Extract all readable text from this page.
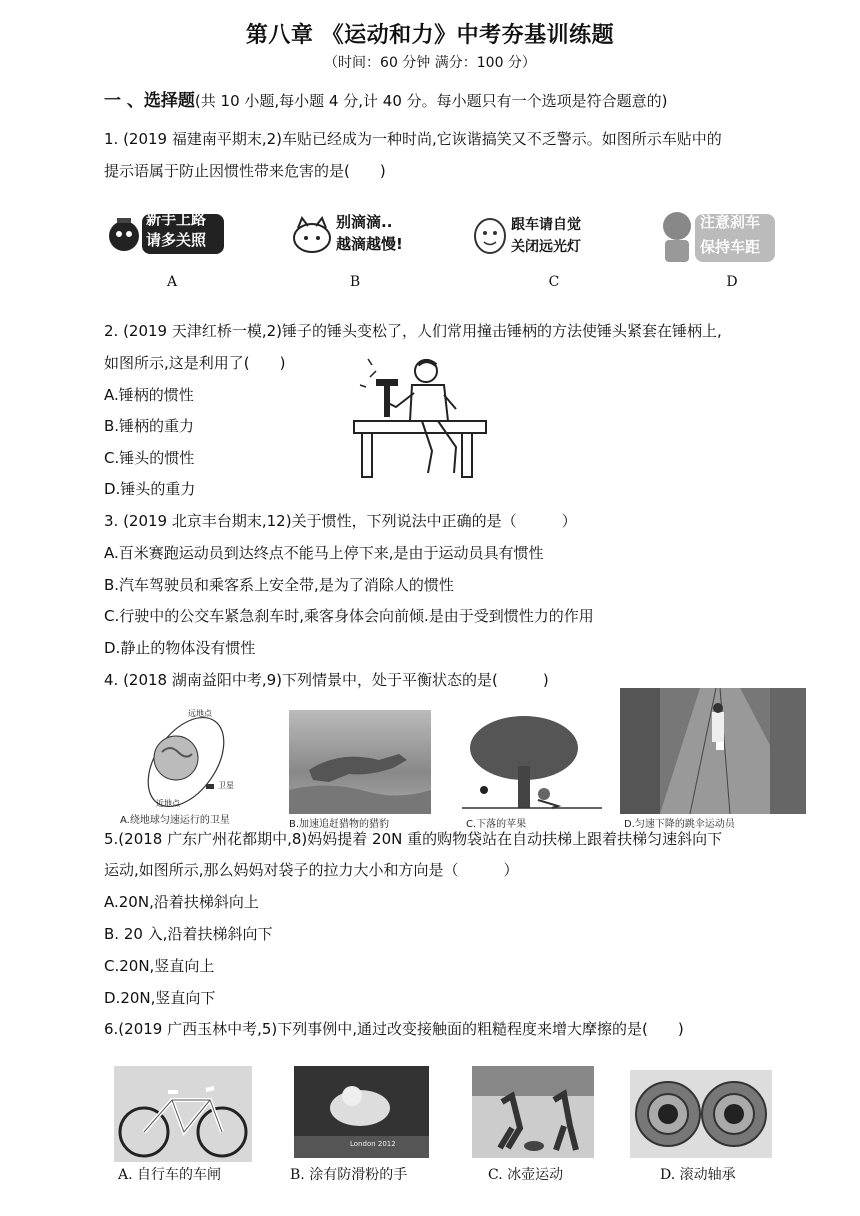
第八章 《运动和力》中考夯基训练题
（时间：60 分钟 满分：100 分）
一 、选择题(共 10 小题,每小题 4 分,计 40 分。每小题只有一个选项是符合题意的)
1. (2019 福建南平期末,2)车贴已经成为一种时尚,它诙谐搞笑又不乏警示。如图所示车贴中的
提示语属于防止因惯性带来危害的是(　　)
新手上路
请多关照
A
别滴滴..
越滴越慢!
B
跟车请自觉
关闭远光灯
C
注意刹车
保持车距
D
2. (2019 天津红桥一模,2)锤子的锤头变松了，人们常用撞击锤柄的方法使锤头紧套在锤柄上,
如图所示,这是利用了(　　)
A.锤柄的惯性
B.锤柄的重力
C.锤头的惯性
D.锤头的重力
3. (2019 北京丰台期末,12)关于惯性，下列说法中正确的是（　　　）
A.百米赛跑运动员到达终点不能马上停下来,是由于运动员具有惯性
B.汽车驾驶员和乘客系上安全带,是为了消除人的惯性
C.行驶中的公交车紧急刹车时,乘客身体会向前倾.是由于受到惯性力的作用
D.静止的物体没有惯性
4. (2018 湖南益阳中考,9)下列情景中，处于平衡状态的是(　　　)
远地点
卫星
近地点
A.绕地球匀速运行的卫星	B.加速追赶猎物的猎豹	C.下落的苹果	D.匀速下降的跳伞运动员
5.(2018 广东广州花都期中,8)妈妈提着 20N 重的购物袋站在自动扶梯上跟着扶梯匀速斜向下
运动,如图所示,那么妈妈对袋子的拉力大小和方向是（　　　）
A.20N,沿着扶梯斜向上
B. 20 入,沿着扶梯斜向下
C.20N,竖直向上
D.20N,竖直向下
6.(2019 广西玉林中考,5)下列事例中,通过改变接触面的粗糙程度来增大摩擦的是(　　)
A. 自行车的车闸
London 2012
B. 涂有防滑粉的手	C. 冰壶运动	D. 滚动轴承
